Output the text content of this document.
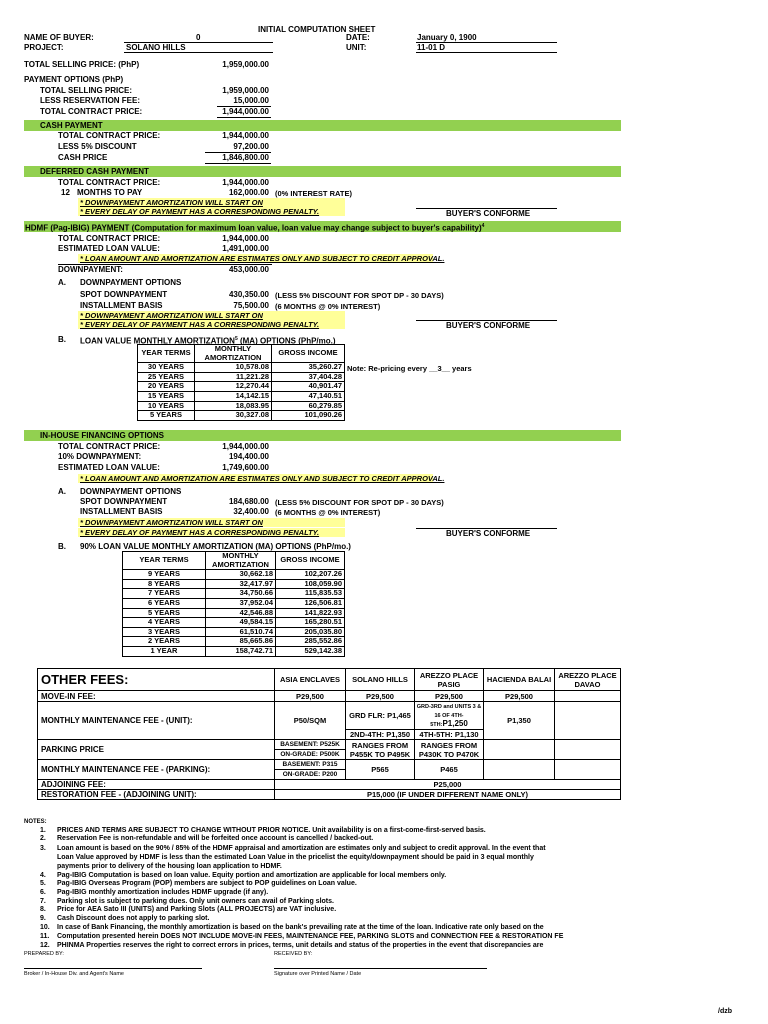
INITIAL COMPUTATION SHEET
NAME OF BUYER:	0	DATE:	January 0, 1900
PROJECT:	SOLANO HILLS	UNIT:	11-01 D
TOTAL SELLING PRICE: (PhP)	1,959,000.00
PAYMENT OPTIONS (PhP)
TOTAL SELLING PRICE:	1,959,000.00
LESS RESERVATION FEE:	15,000.00
TOTAL CONTRACT PRICE:	1,944,000.00
CASH PAYMENT
TOTAL CONTRACT PRICE:	1,944,000.00
LESS 5% DISCOUNT	97,200.00
CASH PRICE	1,846,800.00
DEFERRED CASH PAYMENT
TOTAL CONTRACT PRICE:	1,944,000.00
12 MONTHS TO PAY	162,000.00 (0% INTEREST RATE)
* DOWNPAYMENT AMORTIZATION WILL START ON
* EVERY DELAY OF PAYMENT HAS A CORRESPONDING PENALTY.	BUYER'S CONFORME
HDMF (Pag-IBIG) PAYMENT (Computation for maximum loan value, loan value may change subject to buyer's capability)$^4$
TOTAL CONTRACT PRICE:	1,944,000.00
ESTIMATED LOAN VALUE:	1,491,000.00
* LOAN AMOUNT AND AMORTIZATION ARE ESTIMATES ONLY AND SUBJECT TO CREDIT APPROVAL.
DOWNPAYMENT:	453,000.00
A. DOWNPAYMENT OPTIONS
SPOT DOWNPAYMENT	430,350.00 (LESS 5% DISCOUNT FOR SPOT DP - 30 DAYS)
INSTALLMENT BASIS	75,500.00 (6 MONTHS @ 0% INTEREST)
* DOWNPAYMENT AMORTIZATION WILL START ON
* EVERY DELAY OF PAYMENT HAS A CORRESPONDING PENALTY.	BUYER'S CONFORME
B. LOAN VALUE MONTHLY AMORTIZATION$^5$ (MA) OPTIONS (PhP/mo.)
YEAR TERMS	MONTHLY AMORTIZATION	GROSS INCOME
30 YEARS	10,578.08	35,260.27
25 YEARS	11,221.28	37,404.28
20 YEARS	12,270.44	40,901.47
15 YEARS	14,142.15	47,140.51
10 YEARS	18,083.95	60,279.85
5 YEARS	30,327.08	101,090.26
Note: Re-pricing every __3__ years
IN-HOUSE FINANCING OPTIONS
TOTAL CONTRACT PRICE:	1,944,000.00
10% DOWNPAYMENT:	194,400.00
ESTIMATED LOAN VALUE:	1,749,600.00
* LOAN AMOUNT AND AMORTIZATION ARE ESTIMATES ONLY AND SUBJECT TO CREDIT APPROVAL.
A. DOWNPAYMENT OPTIONS
SPOT DOWNPAYMENT	184,680.00 (LESS 5% DISCOUNT FOR SPOT DP - 30 DAYS)
INSTALLMENT BASIS	32,400.00 (6 MONTHS @ 0% INTEREST)
* DOWNPAYMENT AMORTIZATION WILL START ON
* EVERY DELAY OF PAYMENT HAS A CORRESPONDING PENALTY.	BUYER'S CONFORME
B. 90% LOAN VALUE MONTHLY AMORTIZATION (MA) OPTIONS (PhP/mo.)
YEAR TERMS	MONTHLY AMORTIZATION	GROSS INCOME
9 YEARS	30,662.18	102,207.26
8 YEARS	32,417.97	108,059.90
7 YEARS	34,750.66	115,835.53
6 YEARS	37,952.04	126,506.81
5 YEARS	42,546.88	141,822.93
4 YEARS	49,584.15	165,280.51
3 YEARS	61,510.74	205,035.80
2 YEARS	85,665.86	285,552.86
1 YEAR	158,742.71	529,142.38
OTHER FEES:	ASIA ENCLAVES	SOLANO HILLS	AREZZO PLACE PASIG	HACIENDA BALAI	AREZZO PLACE DAVAO
MOVE-IN FEE:	P29,500	P29,500	P29,500	P29,500	
MONTHLY MAINTENANCE FEE - (UNIT):	P50/SQM	GRD FLR: P1,465	GRD-3RD and UNITS 3 & 16 OF 4TH-5TH:P1,250	P1,350	
		2ND-4TH: P1,350	4TH-5TH: P1,130		
PARKING PRICE	BASEMENT: P525K	RANGES FROM P455K TO P495K	RANGES FROM P430K TO P470K		
	ON-GRADE: P500K				
MONTHLY MAINTENANCE FEE - (PARKING):	BASEMENT: P315	P565	P465		
	ON-GRADE: P200				
ADJOINING FEE:	P25,000				
RESTORATION FEE - (ADJOINING UNIT):	P15,000 (IF UNDER DIFFERENT NAME ONLY)				
NOTES:
1. PRICES AND TERMS ARE SUBJECT TO CHANGE WITHOUT PRIOR NOTICE. Unit availability is on a first-come-first-served basis.
2. Reservation Fee is non-refundable and will be forfeited once account is cancelled / backed-out.
3. Loan amount is based on the 90% / 85% of the HDMF appraisal and amortization are estimates only and subject to credit approval. In the event that
Loan Value approved by HDMF is less than the estimated Loan Value in the pricelist the equity/downpayment should be paid in 3 equal monthly
payments prior to delivery of the housing loan application to HDMF.
4. Pag-IBIG Computation is based on loan value. Equity portion and amortization are applicable for local members only.
5. Pag-IBIG Overseas Program (POP) members are subject to POP guidelines on Loan value.
6. Pag-IBIG monthly amortization includes HDMF upgrade (if any).
7. Parking slot is subject to parking dues. Only unit owners can avail of Parking slots.
8. Price for AEA Sato III (UNITS) and Parking Slots (ALL PROJECTS) are VAT inclusive.
9. Cash Discount does not apply to parking slot.
10. In case of Bank Financing, the monthly amortization is based on the bank's prevailing rate at the time of the loan. Indicative rate only based on the
11. Computation presented herein DOES NOT INCLUDE MOVE-IN FEES, MAINTENANCE FEE, PARKING SLOTS and CONNECTION FEE & RESTORATION FE
12. PHINMA Properties reserves the right to correct errors in prices, terms, unit details and status of the properties in the event that discrepancies are
PREPARED BY:	RECEIVED BY:
Broker / In-House Div. and Agent's Name	Signature over Printed Name / Date
/dzb
